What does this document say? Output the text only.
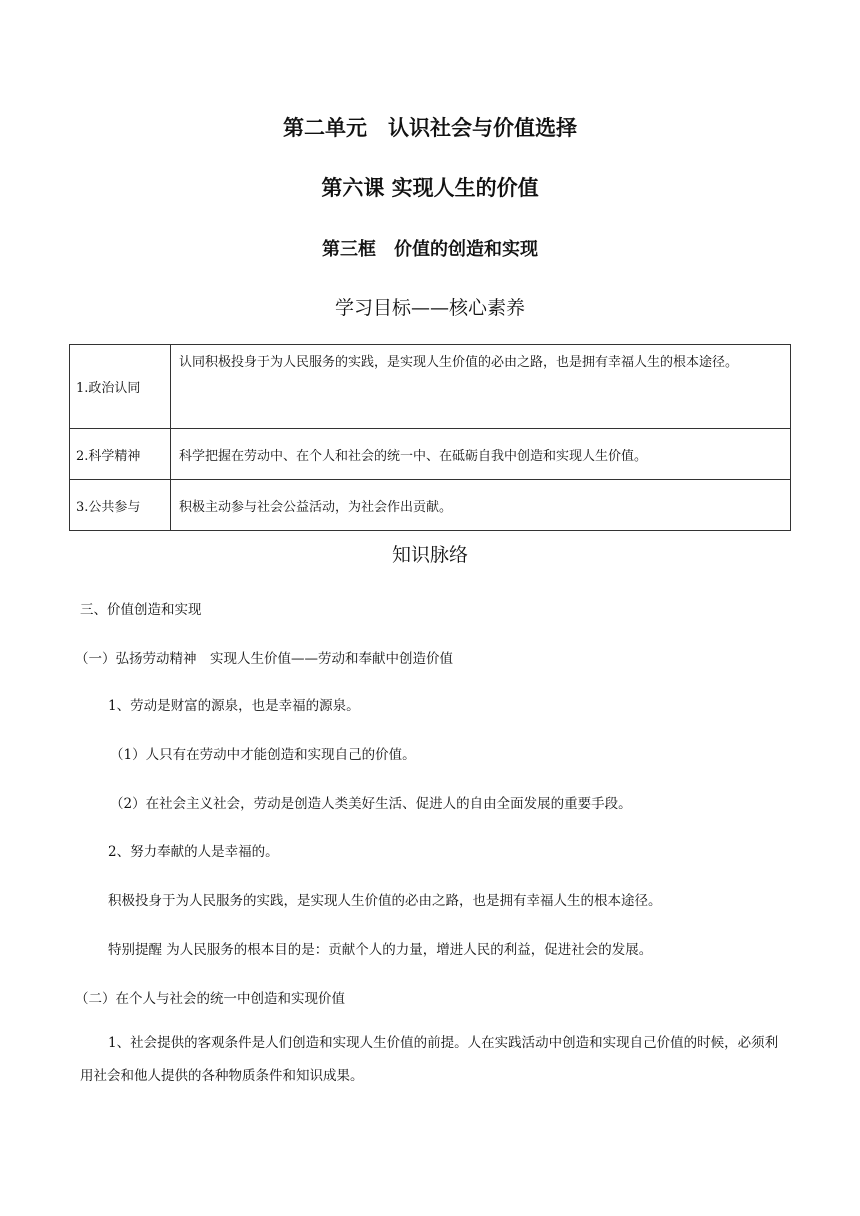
第二单元　认识社会与价值选择
第六课 实现人生的价值
第三框　价值的创造和实现
学习目标——核心素养
1.政治认同	认同积极投身于为人民服务的实践，是实现人生价值的必由之路，也是拥有幸福人生的根本途径。
2.科学精神	科学把握在劳动中、在个人和社会的统一中、在砥砺自我中创造和实现人生价值。
3.公共参与	积极主动参与社会公益活动，为社会作出贡献。
知识脉络
三、价值创造和实现
（一）弘扬劳动精神　实现人生价值——劳动和奉献中创造价值
1、劳动是财富的源泉，也是幸福的源泉。
（1）人只有在劳动中才能创造和实现自己的价值。
（2）在社会主义社会，劳动是创造人类美好生活、促进人的自由全面发展的重要手段。
2、努力奉献的人是幸福的。
积极投身于为人民服务的实践，是实现人生价值的必由之路，也是拥有幸福人生的根本途径。
特别提醒 为人民服务的根本目的是：贡献个人的力量，增进人民的利益，促进社会的发展。
（二）在个人与社会的统一中创造和实现价值
1、社会提供的客观条件是人们创造和实现人生价值的前提。人在实践活动中创造和实现自己价值的时候，必须利用社会和他人提供的各种物质条件和知识成果。
